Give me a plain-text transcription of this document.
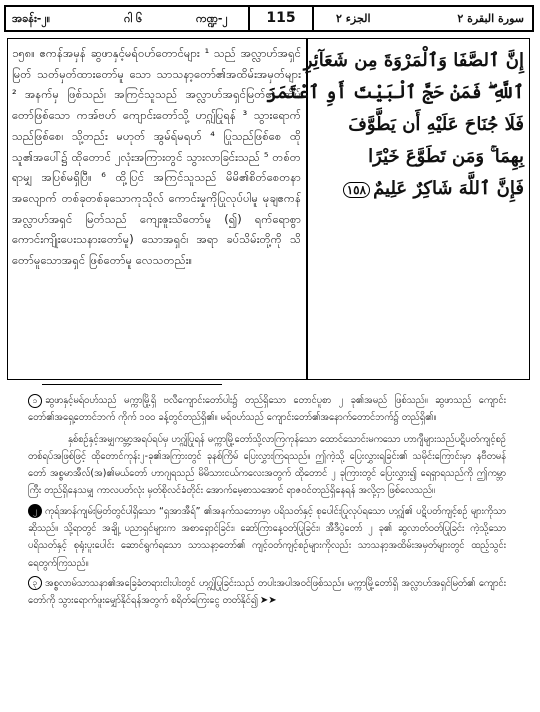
အခန်း-၂။	ဂါ ၆	ကဏ္ဍ-၂	115	الجزء ٢	سورة البقرة ٢

၁၅၈။ ဧကန်အမှန် ဆွဖာနှင့်မရ်ဝဟ်တောင်များ ¹ သည် အလ္လာဟ်အရှင်မြတ် သတ်မှတ်ထားတော်မူ သော သာသနာ့တော်၏အထိမ်းအမှတ်များ ² အနက်မှ ဖြစ်သည်၊ အကြင်သူသည် အလ္လာဟ်အရှင်မြတ်၏ အိမ်တော်ဖြစ်သော ကအ်ဗဟ် ကျောင်းတော်သို့ ဟဂ္ဂျ်ပြုရန် ³ သွားရောက်သည်ဖြစ်စေ၊ သို့တည်း မဟုတ် အွမ်ရ်မရဟ် ⁴ ပြုသည်ဖြစ်စေ ထိုသူ၏အပေါ်၌ ထိုတောင် ၂လုံးအကြားတွင် သွားလာခြင်းသည် ⁵ တစ်တရာမျှ အပြစ်မရှိပြီ။ ⁶ ထို့ပြင် အကြင်သူသည် မိမိ၏စိတ်စေတနာအလျောက် တစ်ခုတစ်ခုသောကုသိုလ် ကောင်းမှုကိုပြုလုပ်ပါမူ မုချဧကန် အလ္လာဟ်အရှင် မြတ်သည် ကျေးဇူးသိတော်မူ (၍) ရက်ရောစွာ ကောင်းကျိုးပေးသနားတော်မူ) သောအရှင်၊ အရာ ခပ်သိမ်းတို့ကို သိတော်မူသောအရှင် ဖြစ်တော်မူ လေသတည်း။

إِنَّ ٱلصَّفَا وَٱلْمَرْوَةَ مِن شَعَآئِرِ
ٱللَّهِ ۖ فَمَنْ حَجَّ ٱلْبَيْتَ أَوِ ٱعْتَمَرَ
فَلَا جُنَاحَ عَلَيْهِ أَن يَطَّوَّفَ
بِهِمَا ۚ وَمَن تَطَوَّعَ خَيْرًا
فَإِنَّ ٱللَّهَ شَاكِرٌ عَلِيمٌ١٥٨

၁ ဆွဖာနှင့်မရ်ဝဟ်သည် မက္ကာမြို့ရှိ ဗလီကျောင်းတော်ပါး၌ တည်ရှိသော တောင်ပူစာ ၂ ခု၏အမည် ဖြစ်သည်။ ဆွဖာသည် ကျောင်းတော်၏အရှေ့တောင်ဘက် ကိုက် ၁၀၀ ခန့်တွင်တည်ရှိ၏။ မရ်ဝဟ်သည် ကျောင်းတော်၏အနောက်တောင်ဘက်၌ တည်ရှိ၏။

နှစ်စဉ်နှင့်အမျှကမ္ဘာ့အရပ်ရပ်မှ ဟဂ္ဂျ်ပြုရန် မက္ကာမြို့တော်သို့လာကြကုန်သော ထောင်သောင်းမကသော ဟာဂျီများသည်ပဋိပတ်ကျင့်စဉ်တစ်ရပ်အဖြစ်ဖြင့် ထိုတောင်ကုန်း၂-ခု၏အကြားတွင် ခုနစ်ကြိမ် ပြေးလွှားကြရသည်။ ဤကဲ့သို့ ပြေးလွှားရခြင်း၏ သမိုင်းကြောင်းမှာ နဗီတမန်တော် အစ္စမာအီလ်(အ)၏မယ်တော် ဟာဂျရသည် မိမိသားငယ်ကလေးအတွက် ထိုတောင် ၂ ခုကြားတွင် ပြေးလွှား၍ ရေရှာရသည်ကို ဤကမ္ဘာကြီး တည်ရှိနေသမျှ ကာလပတ်လုံး မှတ်စိုလင်ခံတိုင်း အောက်မေ့စာသအောင် ရာဇဝင်တည်ရှိနေရန် အလို့ငှာ ဖြစ်လေသည်။

၂ ကုရ်အာန်ကျမ်းမြတ်တွင်ပါရှိသော “ရှအာအီရ်” ၏အနက်သဘောမှာ ပရိသတ်နှင့် စုပေါင်းပြုလုပ်ရသော ဟဂ္ဂျ်၏ ပဋိပတ်ကျင့်စဉ် များကိုသာဆိုသည်။ သို့ရာတွင် အချို့ ပညာရှင်များက အစာရှောင်ခြင်း၊ ဆော်ကြာနေ့ဝတ်ပြုခြင်း၊ အီဒီပွဲတော် ၂ ခု၏ ဆွလာတ်ဝတ်ပြုခြင်း ကဲ့သို့သော ပရိသတ်နှင့် စုရုံးပူးပေါင်း ဆောင်ရွက်ရသော သာသနာ့တော်၏ ကျင့်ဝတ်ကျင့်စဉ်များကိုလည်း သာသနာ့အထိမ်းအမှတ်များတွင် ထည့်သွင်းရေတွက်ကြသည်။

၃ အစ္စလာမ်သာသနာ၏အခြေခံတရားငါးပါးတွင် ဟဂ္ဂျ်ပြုခြင်းသည် တပါးအပါအဝင်ဖြစ်သည်။ မက္ကာမြို့တော်ရှိ အလ္လာဟ်အရှင်မြတ်၏ ကျောင်းတော်ကို သွားရောက်ဖူးမျှော်နိုင်ရန်အတွက် စရိတ်ကြေးငွေ တတ်နိုင်၍ ➤➤
